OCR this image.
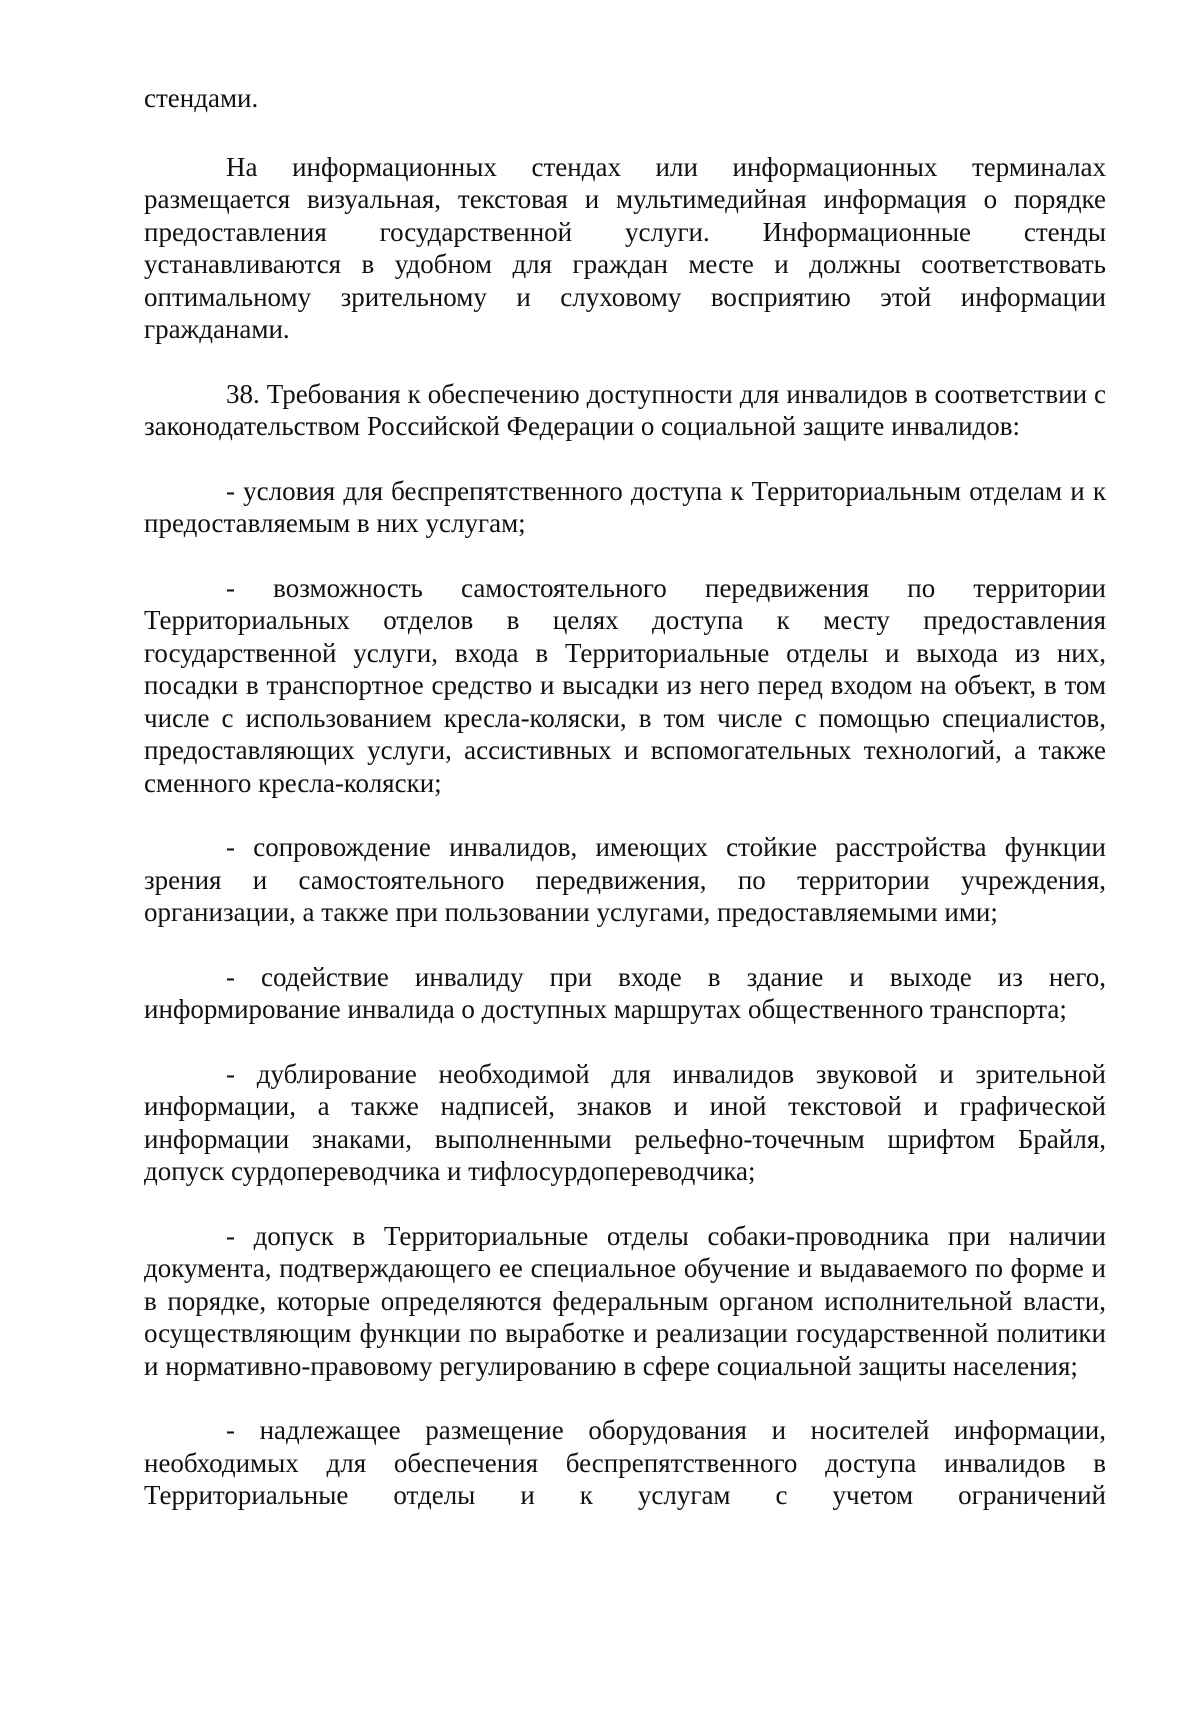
стендами.

На информационных стендах или информационных терминалах размещается визуальная, текстовая и мультимедийная информация о порядке предоставления государственной услуги. Информационные стенды устанавливаются в удобном для граждан месте и должны соответствовать оптимальному зрительному и слуховому восприятию этой информации гражданами.

38. Требования к обеспечению доступности для инвалидов в соответствии с законодательством Российской Федерации о социальной защите инвалидов:

- условия для беспрепятственного доступа к Территориальным отделам и к предоставляемым в них услугам;

- возможность самостоятельного передвижения по территории Территориальных отделов в целях доступа к месту предоставления государственной услуги, входа в Территориальные отделы и выхода из них, посадки в транспортное средство и высадки из него перед входом на объект, в том числе с использованием кресла-коляски, в том числе с помощью специалистов, предоставляющих услуги, ассистивных и вспомогательных технологий, а также сменного кресла-коляски;

- сопровождение инвалидов, имеющих стойкие расстройства функции зрения и самостоятельного передвижения, по территории учреждения, организации, а также при пользовании услугами, предоставляемыми ими;

- содействие инвалиду при входе в здание и выходе из него, информирование инвалида о доступных маршрутах общественного транспорта;

- дублирование необходимой для инвалидов звуковой и зрительной информации, а также надписей, знаков и иной текстовой и графической информации знаками, выполненными рельефно-точечным шрифтом Брайля, допуск сурдопереводчика и тифлосурдопереводчика;

- допуск в Территориальные отделы собаки-проводника при наличии документа, подтверждающего ее специальное обучение и выдаваемого по форме и в порядке, которые определяются федеральным органом исполнительной власти, осуществляющим функции по выработке и реализации государственной политики и нормативно-правовому регулированию в сфере социальной защиты населения;

- надлежащее размещение оборудования и носителей информации, необходимых для обеспечения беспрепятственного доступа инвалидов в Территориальные отделы и к услугам с учетом ограничений
